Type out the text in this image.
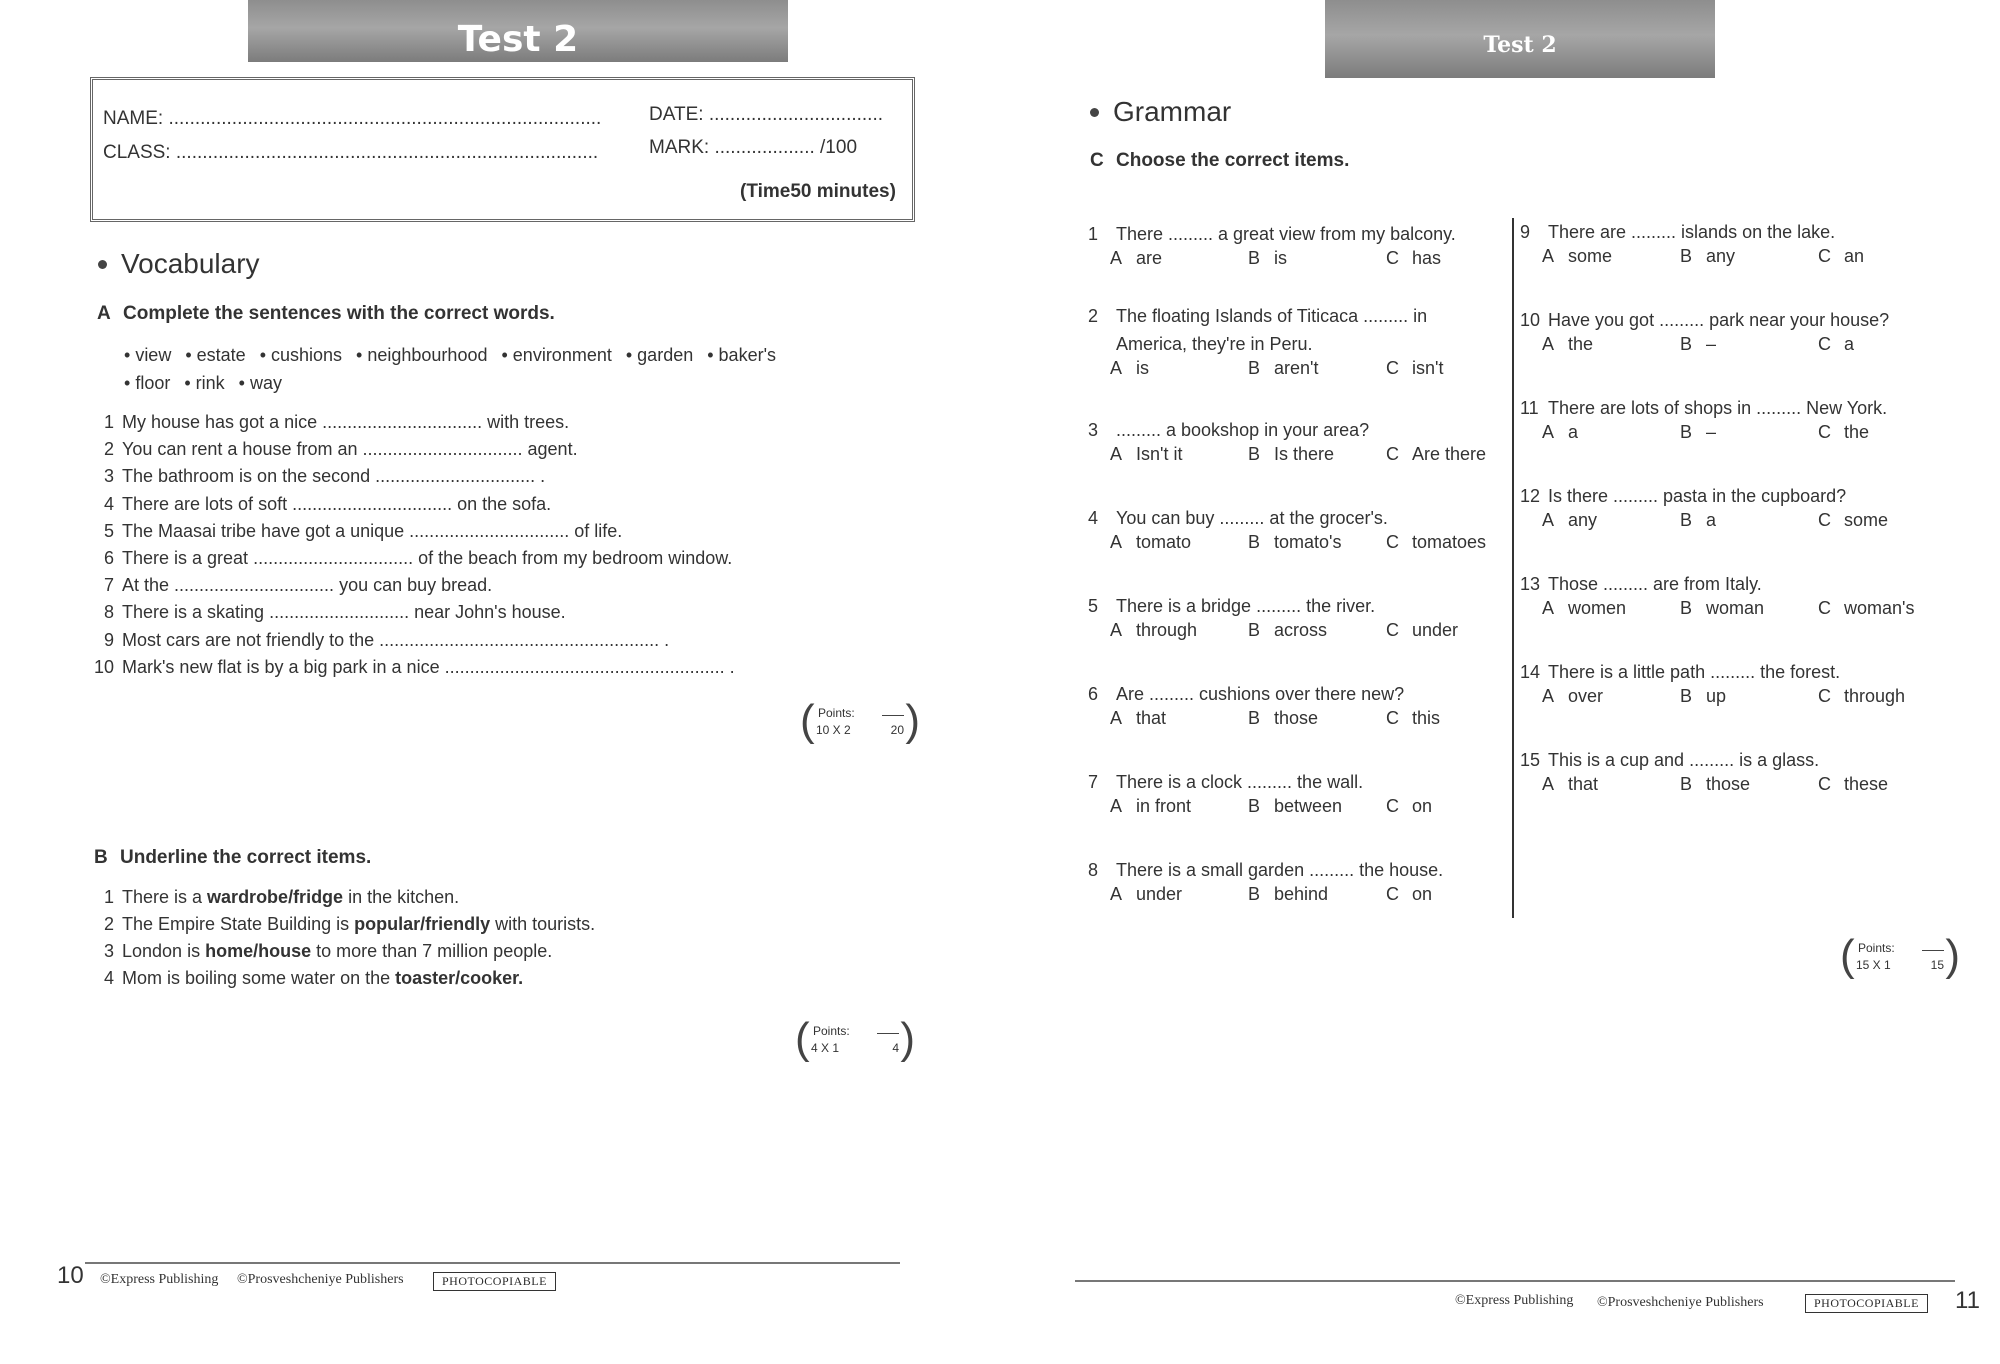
Test 2
NAME: ..................................................................................
CLASS: ................................................................................
DATE: .................................
MARK: ................... /100
(Time50 minutes)
Vocabulary
A Complete the sentences with the correct words.
• view • estate • cushions • neighbourhood • environment • garden • baker's
• floor • rink • way
1 My house has got a nice ................................ with trees.
2 You can rent a house from an ................................ agent.
3 The bathroom is on the second ................................ .
4 There are lots of soft ................................ on the sofa.
5 The Maasai tribe have got a unique ................................ of life.
6 There is a great ................................ of the beach from my bedroom window.
7 At the ................................ you can buy bread.
8 There is a skating ............................ near John's house.
9 Most cars are not friendly to the ........................................................ .
10 Mark's new flat is by a big park in a nice ........................................................ .
( Points:
10 X 2	20 )
B Underline the correct items.
1 There is a wardrobe/fridge in the kitchen.
2 The Empire State Building is popular/friendly with tourists.
3 London is home/house to more than 7 million people.
4 Mom is boiling some water on the toaster/cooker.
( Points:
4 X 1	4 )
10 ©Express Publishing ©Prosveshcheniye Publishers	PHOTOCOPIABLE
Test 2
Grammar
C Choose the correct items.
1 There ......... a great view from my balcony.
A are	B is	C has
2 The floating Islands of Titicaca ......... in America, they're in Peru.
A is	B aren't	C isn't
3 ......... a bookshop in your area?
A Isn't it	B Is there	C Are there
4 You can buy ......... at the grocer's.
A tomato	B tomato's C tomatoes
5 There is a bridge ......... the river.
A through	B across	C under
6 Are ......... cushions over there new?
A that	B those	C this
7 There is a clock ......... the wall.
A in front	B between C on
8 There is a small garden ......... the house.
A under	B behind	C on
9 There are ......... islands on the lake.
A some	B any	C an
10 Have you got ......... park near your house?
A the	B –	C a
11 There are lots of shops in ......... New York.
A a	B –	C the
12 Is there ......... pasta in the cupboard?
A any	B a	C some
13 Those ......... are from Italy.
A women	B woman	C woman's
14 There is a little path ......... the forest.
A over	B up	C through
15 This is a cup and ......... is a glass.
A that	B those	C these
( Points:
15 X 1	15 )
©Express Publishing ©Prosveshcheniye Publishers	PHOTOCOPIABLE	11
